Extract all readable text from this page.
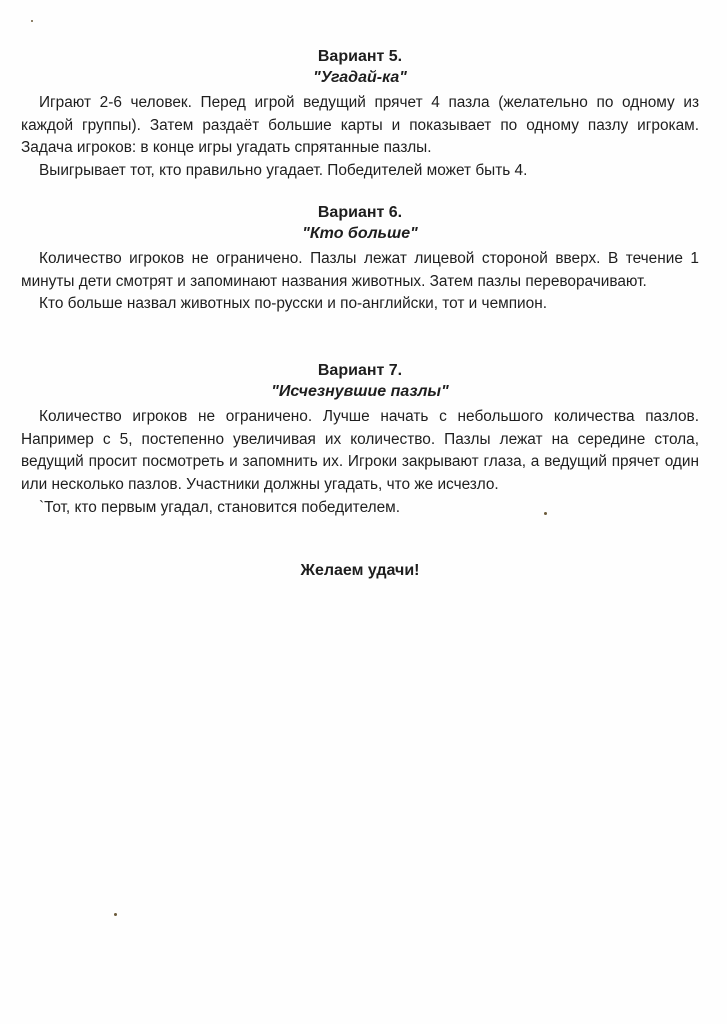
Вариант 5.

"Угадай-ка"

Играют 2-6 человек. Перед игрой ведущий прячет 4 пазла (желательно по одному из каждой группы). Затем раздаёт большие карты и показывает по одному пазлу игрокам. Задача игроков: в конце игры угадать спрятанные пазлы.

Выигрывает тот, кто правильно угадает. Победителей может быть 4.

Вариант 6.

"Кто больше"

Количество игроков не ограничено. Пазлы лежат лицевой стороной вверх. В течение 1 минуты дети смотрят и запоминают названия животных. Затем пазлы переворачивают.

Кто больше назвал животных по-русски и по-английски, тот и чемпион.

Вариант 7.

"Исчезнувшие пазлы"

Количество игроков не ограничено. Лучше начать с небольшого количества пазлов. Например с 5, постепенно увеличивая их количество. Пазлы лежат на середине стола, ведущий просит посмотреть и запомнить их. Игроки закрывают глаза, а ведущий прячет один или несколько пазлов. Участники должны угадать, что же исчезло.

`Тот, кто первым угадал, становится победителем.

Желаем удачи!
